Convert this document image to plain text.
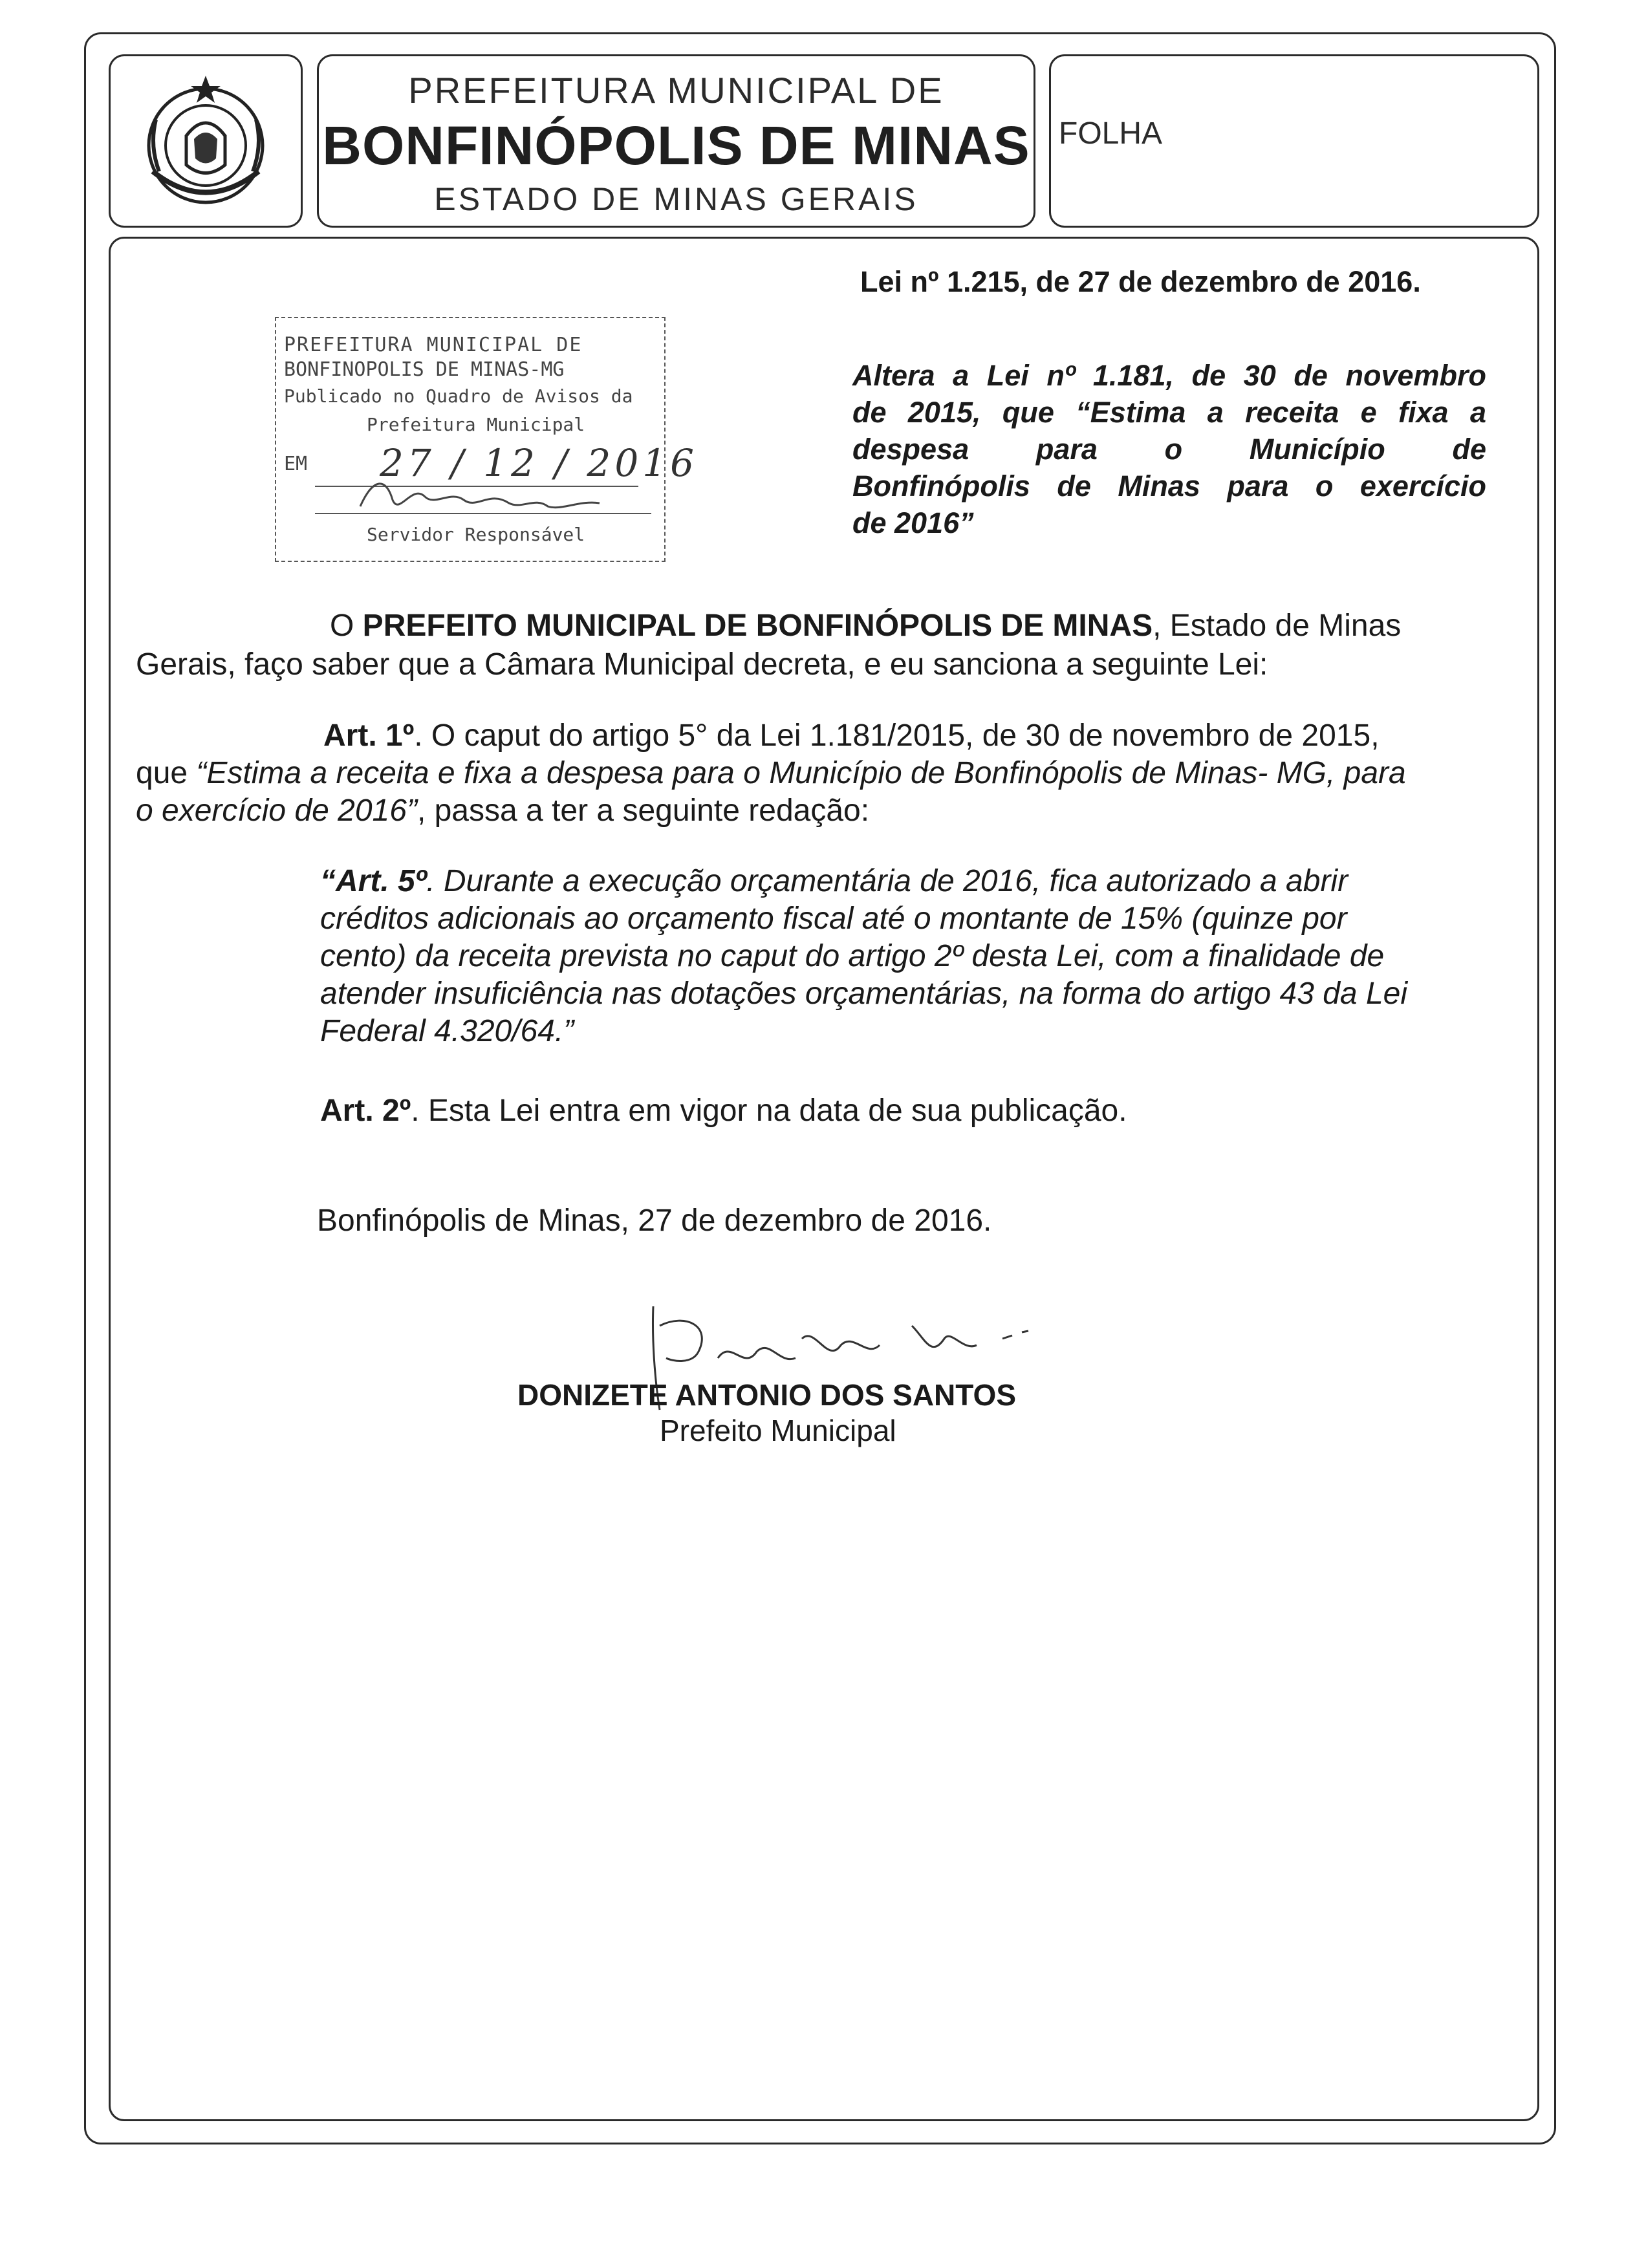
PREFEITURA MUNICIPAL DE
BONFINÓPOLIS DE MINAS
ESTADO DE MINAS GERAIS
FOLHA
PREFEITURA MUNICIPAL DE
BONFINOPOLIS DE MINAS-MG
Publicado no Quadro de Avisos da
Prefeitura Municipal
EM	27 / 12 / 2016
Servidor Responsável
Lei nº 1.215, de 27 de dezembro de 2016.
Altera a Lei nº 1.181, de 30 de novembro
de 2015, que “Estima a receita e fixa a
despesa para o Município de
Bonfinópolis de Minas para o exercício
de 2016”
O PREFEITO MUNICIPAL DE BONFINÓPOLIS DE MINAS, Estado de Minas
Gerais, faço saber que a Câmara Municipal decreta, e eu sanciona a seguinte Lei:
Art. 1º. O caput do artigo 5° da Lei 1.181/2015, de 30 de novembro de 2015,
que “Estima a receita e fixa a despesa para o Município de Bonfinópolis de Minas- MG, para
o exercício de 2016”, passa a ter a seguinte redação:
“Art. 5º. Durante a execução orçamentária de 2016, fica autorizado a abrir
créditos adicionais ao orçamento fiscal até o montante de 15% (quinze por
cento) da receita prevista no caput do artigo 2º desta Lei, com a finalidade de
atender insuficiência nas dotações orçamentárias, na forma do artigo 43 da Lei
Federal 4.320/64.”
Art. 2º. Esta Lei entra em vigor na data de sua publicação.
Bonfinópolis de Minas, 27 de dezembro de 2016.
DONIZETE ANTONIO DOS SANTOS
Prefeito Municipal
